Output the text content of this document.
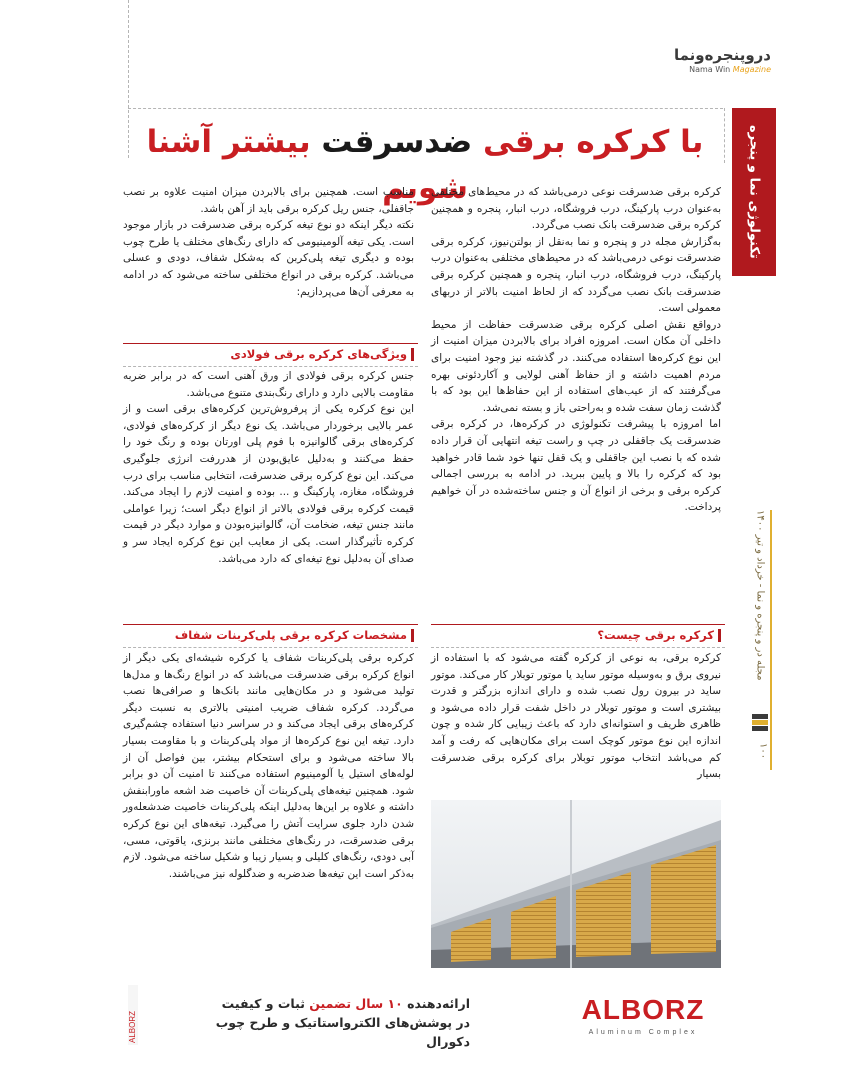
دروپنجره‌ونما
Nama Win Magazine
تکنولوژی نما و پنجره
مجله در و پنجره و نما - خرداد و تیر ۱۴۰۰
۱۰۰
با کرکره برقی ضدسرقت بیشتر آشنا شویم

کرکره برقی ضدسرقت نوعی درمی‌باشد که در محیط‌های مختلفی به‌عنوان درب پارکینگ، درب فروشگاه، درب انبار، پنجره و همچنین کرکره برقی ضدسرقت بانک نصب می‌گردد.

به‌گزارش مجله در و پنجره و نما به‌نقل از بولتن‌نیوز، کرکره برقی ضدسرقت نوعی درمی‌باشد که در محیط‌های مختلفی به‌عنوان درب پارکینگ، درب فروشگاه، درب انبار، پنجره و همچنین کرکره برقی ضدسرقت بانک نصب می‌گردد که از لحاظ امنیت بالاتر از دربهای معمولی است.

درواقع نقش اصلی کرکره برقی ضدسرقت حفاظت از محیط داخلی آن مکان است. امروزه افراد برای بالابردن میزان امنیت از این نوع کرکره‌ها استفاده می‌کنند. در گذشته نیز وجود امنیت برای مردم اهمیت داشته و از حفاظ آهنی لولایی و آکاردئونی بهره می‌گرفتند که از عیب‌های استفاده از این حفاظ‌ها این بود که با گذشت زمان سفت شده و به‌راحتی باز و بسته نمی‌شد.

اما امروزه با پیشرفت تکنولوژی در کرکره‌ها، در کرکره برقی ضدسرقت یک جاقفلی در چپ و راست تیغه انتهایی آن قرار داده شده که با نصب این جاقفلی و یک قفل تنها خود شما قادر خواهید بود که کرکره را بالا و پایین ببرید. در ادامه به بررسی اجمالی کرکره برقی و برخی از انواع آن و جنس ساخته‌شده در آن خواهیم پرداخت.

مناسب است. همچنین برای بالابردن میزان امنیت علاوه بر نصب جاقفلی، جنس ریل کرکره برقی باید از آهن باشد.

نکته دیگر اینکه دو نوع تیغه کرکره برقی ضدسرقت در بازار موجود است. یکی تیغه آلومینیومی که دارای رنگ‌های مختلف یا طرح چوب بوده و دیگری تیغه پلی‌کربن که به‌شکل شفاف، دودی و عسلی می‌باشد. کرکره برقی در انواع مختلفی ساخته می‌شود که در ادامه به معرفی آن‌ها می‌پردازیم:

ویژگی‌های کرکره برقی فولادی

جنس کرکره برقی فولادی از ورق آهنی است که در برابر ضربه مقاومت بالایی دارد و دارای رنگ‌بندی متنوع می‌باشد.

این نوع کرکره یکی از پرفروش‌ترین کرکره‌های برقی است و از عمر بالایی برخوردار می‌باشد. یک نوع دیگر از کرکره‌های فولادی، کرکره‌های برقی گالوانیزه با فوم پلی اورتان بوده و رنگ خود را حفظ می‌کنند و به‌دلیل عایق‌بودن از هدررفت انرژی جلوگیری می‌کند. این نوع کرکره برقی ضدسرقت، انتخابی مناسب برای درب فروشگاه، مغازه، پارکینگ و ... بوده و امنیت لازم را ایجاد می‌کند. قیمت کرکره برقی فولادی بالاتر از انواع دیگر است؛ زیرا عواملی مانند جنس تیغه، ضخامت آن، گالوانیزه‌بودن و موارد دیگر در قیمت کرکره تأثیرگذار است. یکی از معایب این نوع کرکره ایجاد سر و صدای آن به‌دلیل نوع تیغه‌ای که دارد می‌باشد.

مشخصات کرکره برقی پلی‌کربنات شفاف

کرکره برقی پلی‌کربنات شفاف یا کرکره شیشه‌ای یکی دیگر از انواع کرکره برقی ضدسرقت می‌باشد که در انواع رنگ‌ها و مدل‌ها تولید می‌شود و در مکان‌هایی مانند بانک‌ها و صرافی‌ها نصب می‌گردد. کرکره شفاف ضریب امنیتی بالاتری به نسبت دیگر کرکره‌های برقی ایجاد می‌کند و در سراسر دنیا استفاده چشم‌گیری دارد. تیغه این نوع کرکره‌ها از مواد پلی‌کربنات و با مقاومت بسیار بالا ساخته می‌شود و برای استحکام بیشتر، بین فواصل آن از لوله‌های استیل یا آلومینیوم استفاده می‌کنند تا امنیت آن دو برابر شود. همچنین تیغه‌های پلی‌کربنات آن خاصیت ضد اشعه ماورابنفش داشته و علاوه بر این‌ها به‌دلیل اینکه پلی‌کربنات خاصیت ضدشعله‌ور شدن دارد جلوی سرایت آتش را می‌گیرد. تیغه‌های این نوع کرکره برقی ضدسرقت، در رنگ‌های مختلفی مانند برنزی، یاقوتی، مسی، آبی دودی، رنگ‌های کلیلی و بسیار زیبا و شکیل ساخته می‌شود. لازم به‌ذکر است این تیغه‌ها ضدضربه و ضدگلوله نیز می‌باشند.

کرکره برقی چیست؟

کرکره برقی، به نوعی از کرکره گفته می‌شود که با استفاده از نیروی برق و به‌وسیله موتور ساید یا موتور توبلار کار می‌کند. موتور ساید در بیرون رول نصب شده و دارای اندازه بزرگتر و قدرت بیشتری است و موتور توبلار در داخل شفت قرار داده می‌شود و ظاهری ظریف و استوانه‌ای دارد که باعث زیبایی کار شده و چون اندازه این نوع موتور کوچک است برای مکان‌هایی که رفت و آمد کم می‌باشد انتخاب موتور توبلار برای کرکره برقی ضدسرقت بسیار

ALBORZ
ارائه‌دهنده ۱۰ سال تضمین ثبات و کیفیت
در پوشش‌های الکترواستاتیک و طرح چوب دکورال
ALBORZ
Aluminum Complex
